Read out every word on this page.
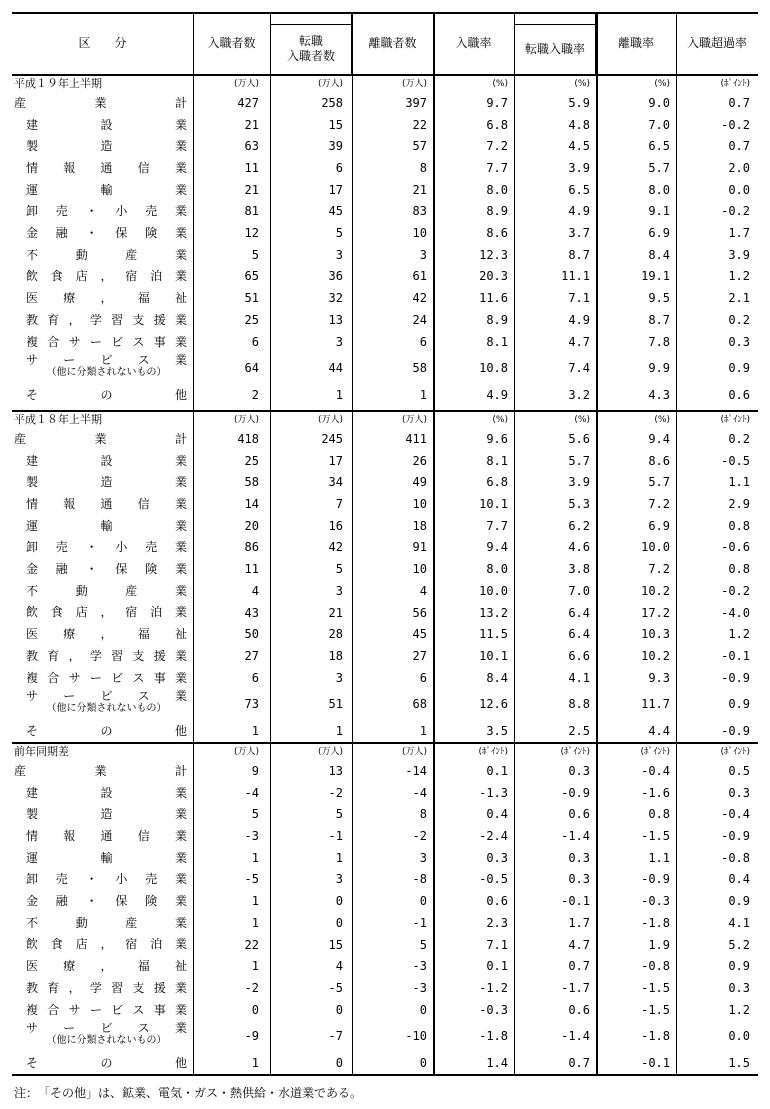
区　　分	入職者数	転職
入職者数
離職者数	入職率	転職入職率	離職率	入職超過率
平成１９年上半期	(万人)	(万人)	(万人)	(%)	(%)	(%)	(ﾎﾟｲﾝﾄ)
産	業	計	427	258	397	9.7	5.9	9.0	0.7
建	設	業	21	15	22	6.8	4.8	7.0	-0.2
製	造	業	63	39	57	7.2	4.5	6.5	0.7
情 報 通 信 業	11	6	8	7.7	3.9	5.7	2.0
運	輸	業	21	17	21	8.0	6.5	8.0	0.0
卸 売 ・ 小 売 業	81	45	83	8.9	4.9	9.1	-0.2
金 融 ・ 保 険 業	12	5	10	8.6	3.7	6.9	1.7
不	動	産	業	5	3	3	12.3	8.7	8.4	3.9
飲 食 店 ， 宿 泊 業	65	36	61	20.3	11.1	19.1	1.2
医 療 ， 福 祉	51	32	42	11.6	7.1	9.5	2.1
教 育 ， 学 習 支 援 業	25	13	24	8.9	4.9	8.7	0.2
複 合 サ ー ビ ス 事 業	6	3	6	8.1	4.7	7.8	0.3
サ ー ビ ス 業
（他に分類されないもの）	64	44	58	10.8	7.4	9.9	0.9
そ	の	他	2	1	1	4.9	3.2	4.3	0.6
平成１８年上半期	(万人)	(万人)	(万人)	(%)	(%)	(%)	(ﾎﾟｲﾝﾄ)
産	業	計	418	245	411	9.6	5.6	9.4	0.2
建	設	業	25	17	26	8.1	5.7	8.6	-0.5
製	造	業	58	34	49	6.8	3.9	5.7	1.1
情 報 通 信 業	14	7	10	10.1	5.3	7.2	2.9
運	輸	業	20	16	18	7.7	6.2	6.9	0.8
卸 売 ・ 小 売 業	86	42	91	9.4	4.6	10.0	-0.6
金 融 ・ 保 険 業	11	5	10	8.0	3.8	7.2	0.8
不	動	産	業	4	3	4	10.0	7.0	10.2	-0.2
飲 食 店 ， 宿 泊 業	43	21	56	13.2	6.4	17.2	-4.0
医 療 ， 福 祉	50	28	45	11.5	6.4	10.3	1.2
教 育 ， 学 習 支 援 業	27	18	27	10.1	6.6	10.2	-0.1
複 合 サ ー ビ ス 事 業	6	3	6	8.4	4.1	9.3	-0.9
サ ー ビ ス 業
（他に分類されないもの）	73	51	68	12.6	8.8	11.7	0.9
そ	の	他	1	1	1	3.5	2.5	4.4	-0.9
前年同期差	(万人)	(万人)	(万人)	(ﾎﾟｲﾝﾄ)	(ﾎﾟｲﾝﾄ)	(ﾎﾟｲﾝﾄ)	(ﾎﾟｲﾝﾄ)
産	業	計	9	13	-14	0.1	0.3	-0.4	0.5
建	設	業	-4	-2	-4	-1.3	-0.9	-1.6	0.3
製	造	業	5	5	8	0.4	0.6	0.8	-0.4
情 報 通 信 業	-3	-1	-2	-2.4	-1.4	-1.5	-0.9
運	輸	業	1	1	3	0.3	0.3	1.1	-0.8
卸 売 ・ 小 売 業	-5	3	-8	-0.5	0.3	-0.9	0.4
金 融 ・ 保 険 業	1	0	0	0.6	-0.1	-0.3	0.9
不	動	産	業	1	0	-1	2.3	1.7	-1.8	4.1
飲 食 店 ， 宿 泊 業	22	15	5	7.1	4.7	1.9	5.2
医 療 ， 福 祉	1	4	-3	0.1	0.7	-0.8	0.9
教 育 ， 学 習 支 援 業	-2	-5	-3	-1.2	-1.7	-1.5	0.3
複 合 サ ー ビ ス 事 業	0	0	0	-0.3	0.6	-1.5	1.2
サ ー ビ ス 業
（他に分類されないもの）	-9	-7	-10	-1.8	-1.4	-1.8	0.0
そ	の	他	1	0	0	1.4	0.7	-0.1	1.5
注：　「その他」は、鉱業、電気・ガス・熱供給・水道業である。
